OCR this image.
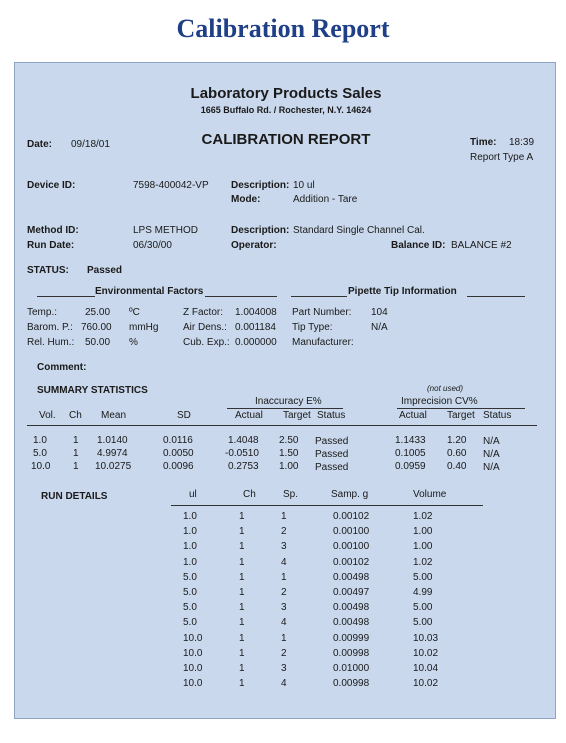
Calibration Report
Laboratory Products Sales
1665 Buffalo Rd. / Rochester, N.Y. 14624
CALIBRATION REPORT
Date: 09/18/01	Time: 18:39
Report Type A
Device ID:	7598-400042-VP Description: 10 ul
Mode:	Addition - Tare
Method ID:	LPS METHOD	Description: Standard Single Channel Cal.
Run Date:	06/30/00	Operator:	Balance ID: BALANCE #2
STATUS: Passed
Environmental Factors	Pipette Tip Information
Temp.:	25.00 ºC
Barom. P.: 760.00 mmHg
Rel. Hum.: 50.00 %
Z Factor: 1.004008
Air Dens.: 0.001184
Cub. Exp.: 0.000000
Part Number: 104
Tip Type:	N/A
Manufacturer:
Comment:
SUMMARY STATISTICS	(not used)
Inaccuracy E%	Imprecision CV%
Vol. Ch Mean	SD	Actual Target Status	Actual Target Status
1.0	1 1.0140	0.0116	1.4048 2.50 Passed	1.1433 1.20 N/A
5.0	1 4.9974	0.0050	-0.0510 1.50 Passed	0.1005 0.60 N/A
10.0 1 10.0275	0.0096	0.2753 1.00 Passed	0.0959 0.40 N/A
RUN DETAILS	ul	Ch	Sp.	Samp. g	Volume
1.0	1	1	0.00102	1.02
1.0	1	2	0.00100	1.00
1.0	1	3	0.00100	1.00
1.0	1	4	0.00102	1.02
5.0	1	1	0.00498	5.00
5.0	1	2	0.00497	4.99
5.0	1	3	0.00498	5.00
5.0	1	4	0.00498	5.00
10.0	1	1	0.00999	10.03
10.0	1	2	0.00998	10.02
10.0	1	3	0.01000	10.04
10.0	1	4	0.00998	10.02
